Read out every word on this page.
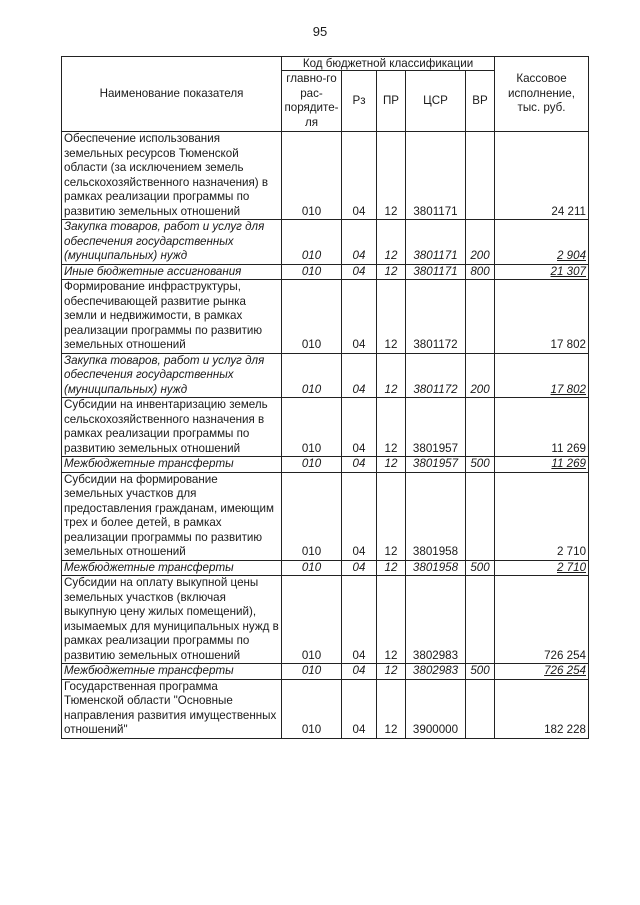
95
Наименование показателя	Код бюджетной классификации					Кассовое исполнение, тыс. руб.
	главно-го рас-порядите-ля	Рз	ПР	ЦСР	ВР	
Обеспечение использования земельных ресурсов Тюменской области (за исключением земель сельскохозяйственного назначения) в рамках реализации программы по развитию земельных отношений	010	04	12	3801171		24 211
Закупка товаров, работ и услуг для обеспечения государственных (муниципальных) нужд	010	04	12	3801171	200	2 904
Иные бюджетные ассигнования	010	04	12	3801171	800	21 307
Формирование инфраструктуры, обеспечивающей развитие рынка земли и недвижимости, в рамках реализации программы по развитию земельных отношений	010	04	12	3801172		17 802
Закупка товаров, работ и услуг для обеспечения государственных (муниципальных) нужд	010	04	12	3801172	200	17 802
Субсидии на инвентаризацию земель сельскохозяйственного назначения в рамках реализации программы по развитию земельных отношений	010	04	12	3801957		11 269
Межбюджетные трансферты	010	04	12	3801957	500	11 269
Субсидии на формирование земельных участков для предоставления гражданам, имеющим трех и более детей, в рамках реализации программы по развитию земельных отношений	010	04	12	3801958		2 710
Межбюджетные трансферты	010	04	12	3801958	500	2 710
Субсидии на оплату выкупной цены земельных участков (включая выкупную цену жилых помещений), изымаемых для муниципальных нужд в рамках реализации программы по развитию земельных отношений	010	04	12	3802983		726 254
Межбюджетные трансферты	010	04	12	3802983	500	726 254
Государственная программа Тюменской области "Основные направления развития имущественных отношений"	010	04	12	3900000		182 228
